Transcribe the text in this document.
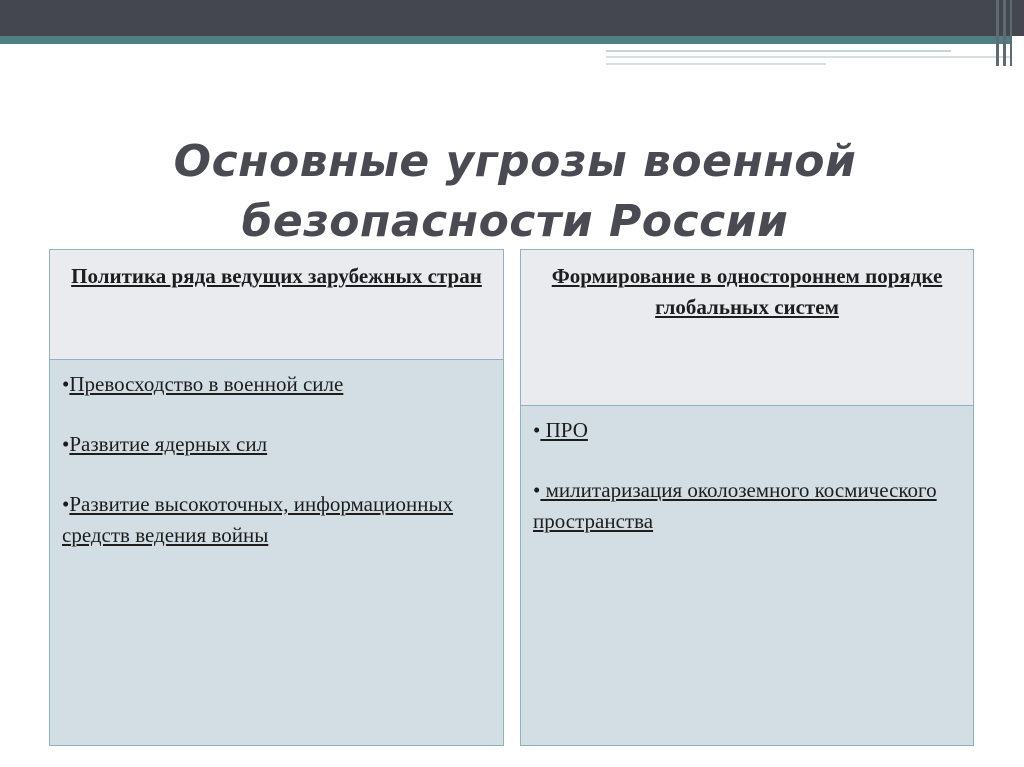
Основные угрозы военной
безопасности России
Политика ряда ведущих зарубежных стран

•Превосходство в военной силе

•Развитие ядерных сил

•Развитие высокоточных, информационных средств ведения войны

Формирование в одностороннем порядке глобальных систем

• ПРО

• милитаризация околоземного космического пространства
